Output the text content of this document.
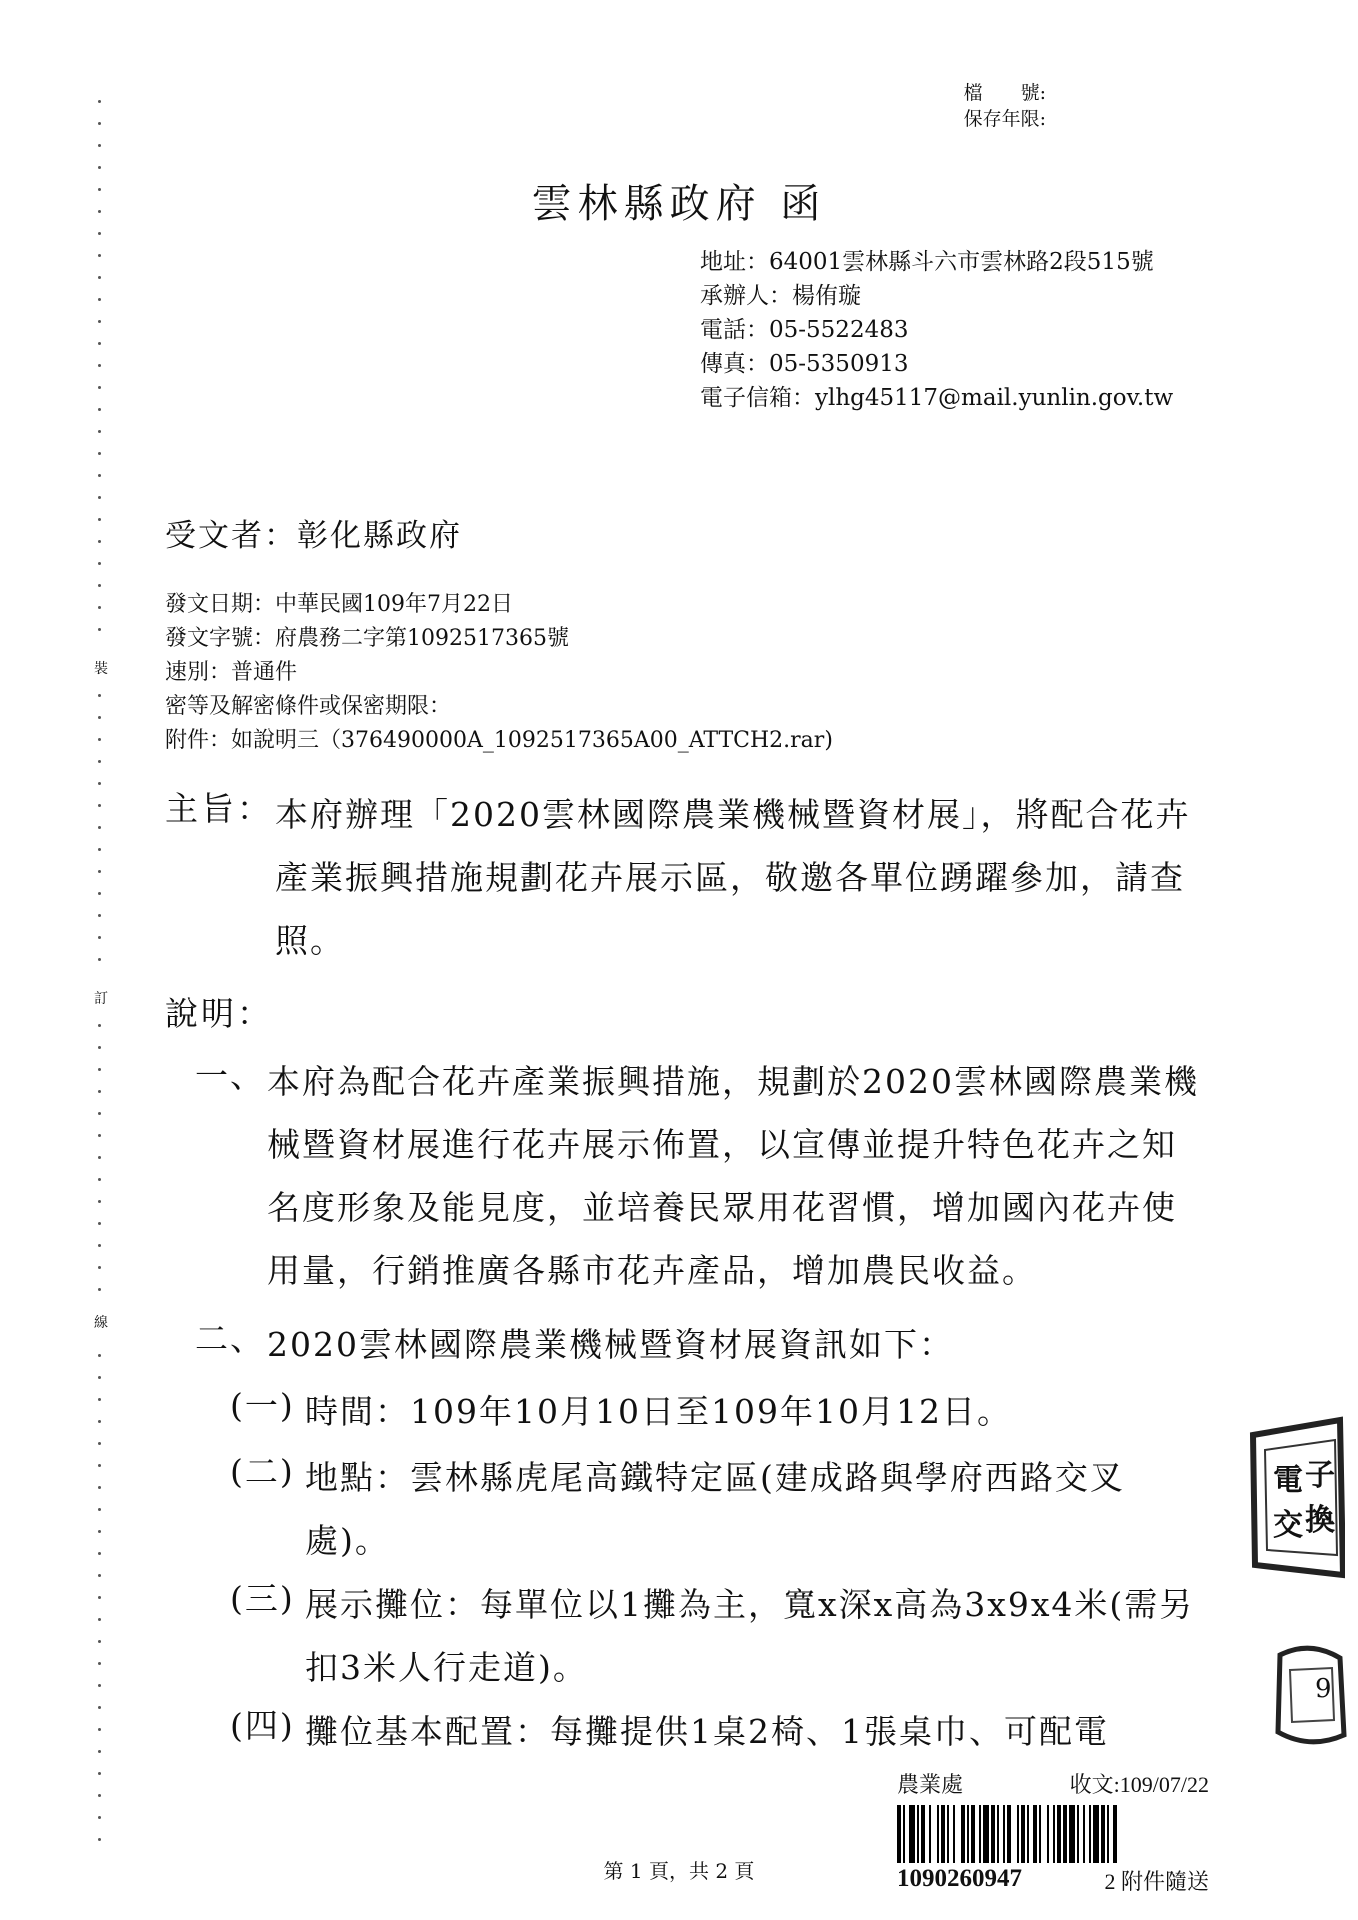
檔　　號:
保存年限:
裝
訂
線
雲林縣政府 函
地址：64001雲林縣斗六市雲林路2段515號
承辦人：楊侑璇
電話：05-5522483
傳真：05-5350913
電子信箱：ylhg45117@mail.yunlin.gov.tw
受文者：彰化縣政府
發文日期：中華民國109年7月22日
發文字號：府農務二字第1092517365號
速別：普通件
密等及解密條件或保密期限：
附件：如說明三（376490000A_1092517365A00_ATTCH2.rar)
主旨： 本府辦理「2020雲林國際農業機械暨資材展」，將配合花卉產業振興措施規劃花卉展示區，敬邀各單位踴躍參加，請查照。
說明：
一、 本府為配合花卉產業振興措施，規劃於2020雲林國際農業機械暨資材展進行花卉展示佈置，以宣傳並提升特色花卉之知名度形象及能見度，並培養民眾用花習慣，增加國內花卉使用量，行銷推廣各縣市花卉產品，增加農民收益。
二、 2020雲林國際農業機械暨資材展資訊如下：
(一) 時間：109年10月10日至109年10月12日。
(二) 地點：雲林縣虎尾高鐵特定區(建成路與學府西路交叉處)。
(三) 展示攤位：每單位以1攤為主，寬x深x高為3x9x4米(需另扣3米人行走道)。
(四) 攤位基本配置：每攤提供1桌2椅、1張桌巾、可配電
電 子
交 換
9
農業處	收文:109/07/22
1090260947	2 附件隨送
第 1 頁，共 2 頁
